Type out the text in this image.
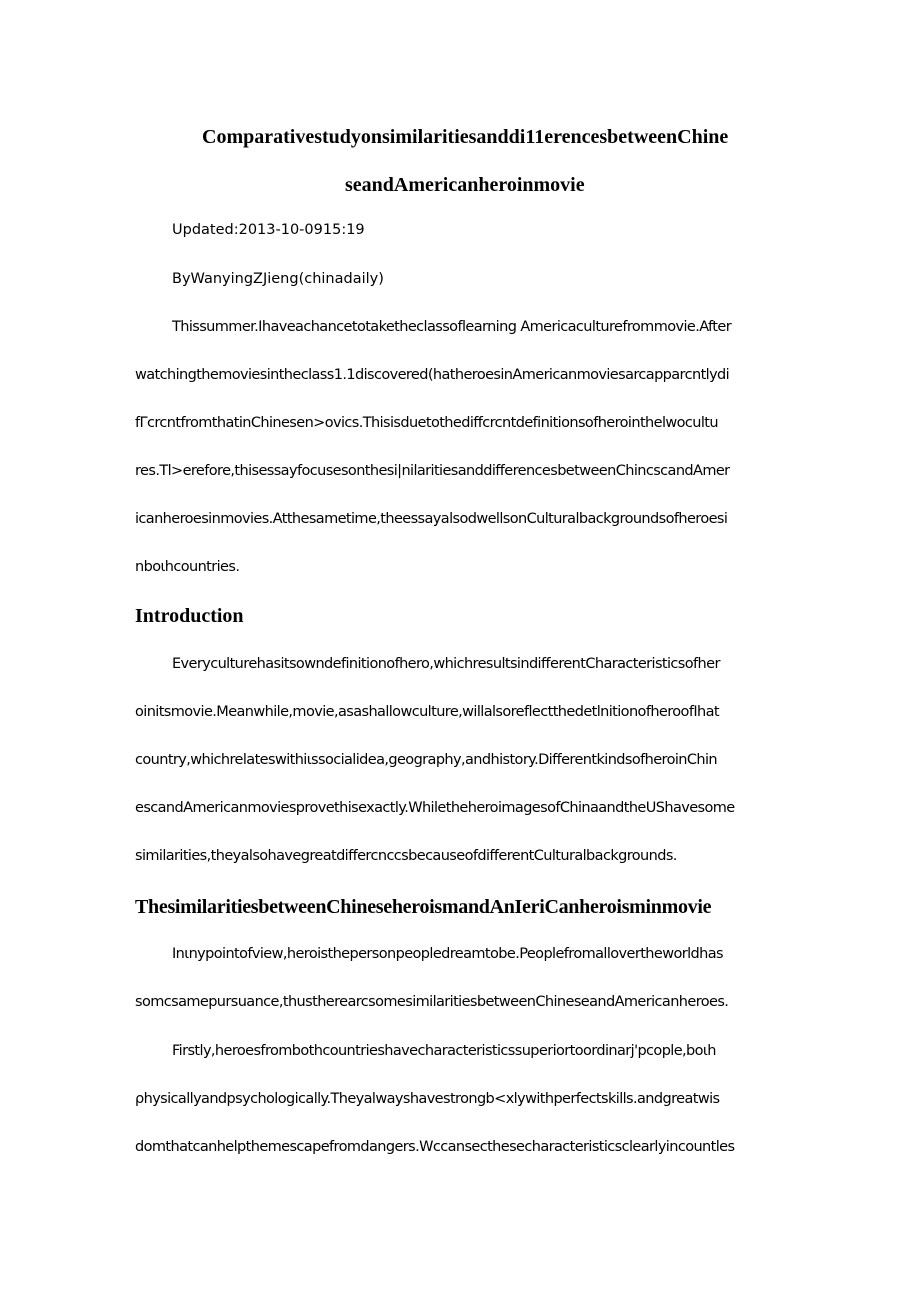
Comparativestudyonsimilaritiesanddi11erencesbetweenChine
seandAmericanheroinmovie

Updated:2013-10-0915:19

ByWanyingZJieng(chinadaily)

Thissummer.Ihaveachancetotaketheclassoflearning Americaculturefrommovie.After

watchingthemoviesintheclass1.1discovered(hatheroesinAmericanmoviesarcapparcntlydi

fΓcrcntfromthatinChinesen>ovics.Thisisduetothediffcrcntdefinitionsofherointhelwocultu

res.Tl>erefore,thisessayfocusesonthesi|nilaritiesanddifferencesbetweenChincscandAmer

icanheroesinmovies.Atthesametime,theessayalsodwellsonCulturalbackgroundsofheroesi

nboιhcountries.

Introduction

Everyculturehasitsowndefinitionofhero,whichresultsindifferentCharacteristicsofher

oinitsmovie.Meanwhile,movie,asashallowculture,willalsoreflectthedetlnitionofheroofIhat

country,whichrelateswithiιssocialidea,geography,andhistory.DifferentkindsofheroinChin

escandAmericanmoviesprovethisexactly.WhiletheheroimagesofChinaandtheUShavesome

similarities,theyalsohavegreatdiffercnccsbecauseofdifferentCulturalbackgrounds.

ThesimilaritiesbetweenChineseheroismandAnIeriCanheroisminmovie

Inιnypointofview,heroisthepersonpeopledreamtobe.Peoplefromallovertheworldhas

somcsamepursuance,thustherearcsomesimilaritiesbetweenChineseandAmericanheroes.

Firstly,heroesfrombothcountrieshavecharacteristicssuperiortoordinarj'pcople,boιh

ρhysicallyandpsychologically.Theyalwayshavestrongb<xlywithperfectskills.andgreatwis

domthatcanhelpthemescapefromdangers.Wccansecthesecharacteristicsclearlyincountles
